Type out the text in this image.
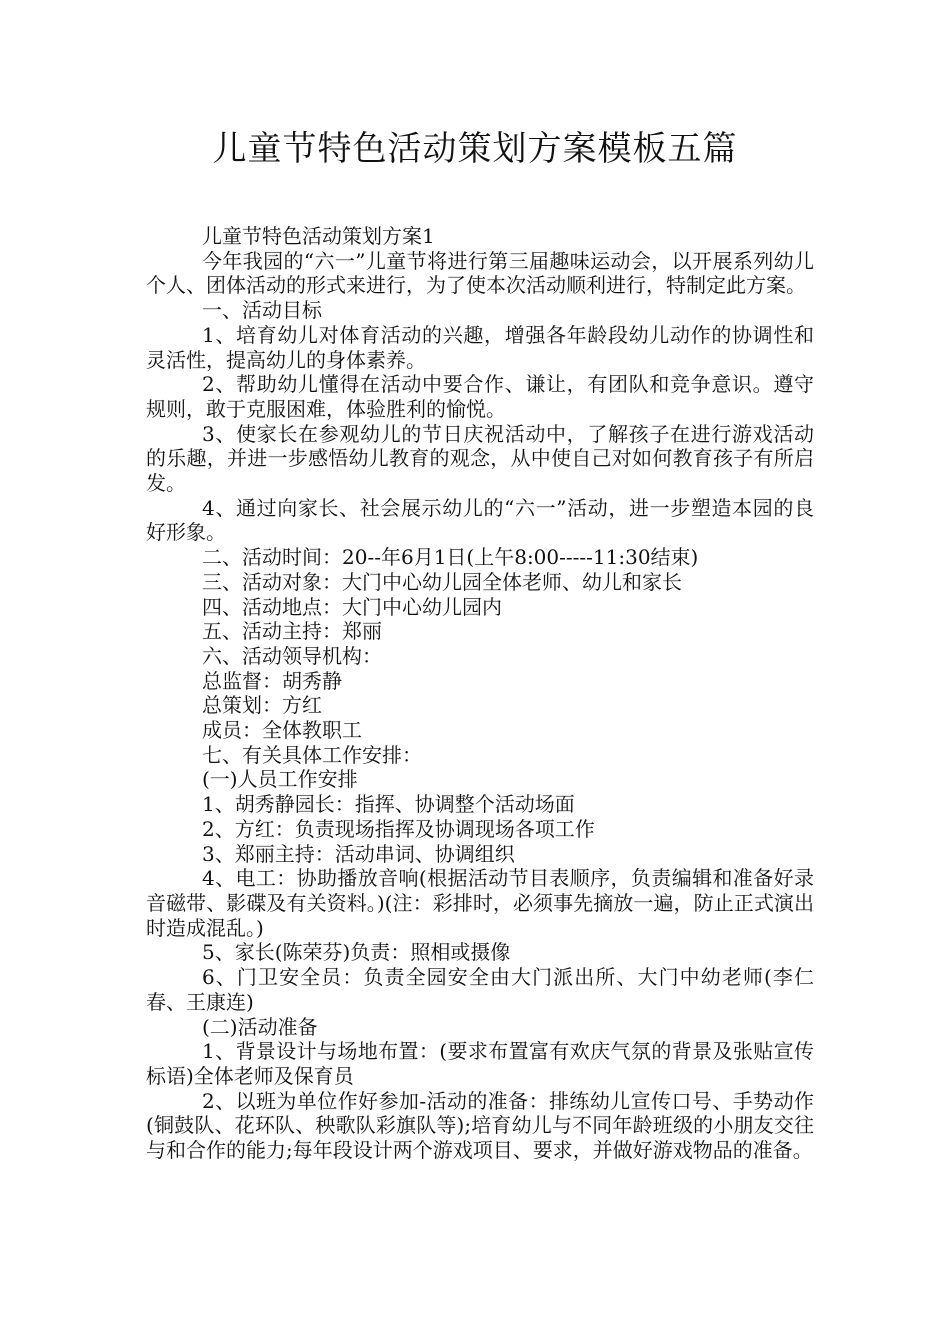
儿童节特色活动策划方案模板五篇

儿童节特色活动策划方案1

今年我园的“六一”儿童节将进行第三届趣味运动会，以开展系列幼儿个人、团体活动的形式来进行，为了使本次活动顺利进行，特制定此方案。

一、活动目标

1、培育幼儿对体育活动的兴趣，增强各年龄段幼儿动作的协调性和灵活性，提高幼儿的身体素养。

2、帮助幼儿懂得在活动中要合作、谦让，有团队和竞争意识。遵守规则，敢于克服困难，体验胜利的愉悦。

3、使家长在参观幼儿的节日庆祝活动中，了解孩子在进行游戏活动的乐趣，并进一步感悟幼儿教育的观念，从中使自己对如何教育孩子有所启发。

4、通过向家长、社会展示幼儿的“六一”活动，进一步塑造本园的良好形象。

二、活动时间：20--年6月1日(上午8:00-----11:30结束)

三、活动对象：大门中心幼儿园全体老师、幼儿和家长

四、活动地点：大门中心幼儿园内

五、活动主持：郑丽

六、活动领导机构：

总监督：胡秀静

总策划：方红

成员：全体教职工

七、有关具体工作安排：

(一)人员工作安排

1、胡秀静园长：指挥、协调整个活动场面

2、方红：负责现场指挥及协调现场各项工作

3、郑丽主持：活动串词、协调组织

4、电工：协助播放音响(根据活动节目表顺序，负责编辑和准备好录音磁带、影碟及有关资料。)(注：彩排时，必须事先摘放一遍，防止正式演出时造成混乱。)

5、家长(陈荣芬)负责：照相或摄像

6、门卫安全员：负责全园安全由大门派出所、大门中幼老师(李仁春、王康连)

(二)活动准备

1、背景设计与场地布置：(要求布置富有欢庆气氛的背景及张贴宣传标语)全体老师及保育员

2、以班为单位作好参加-活动的准备：排练幼儿宣传口号、手势动作(铜鼓队、花环队、秧歌队彩旗队等);培育幼儿与不同年龄班级的小朋友交往与和合作的能力;每年段设计两个游戏项目、要求，并做好游戏物品的准备。
